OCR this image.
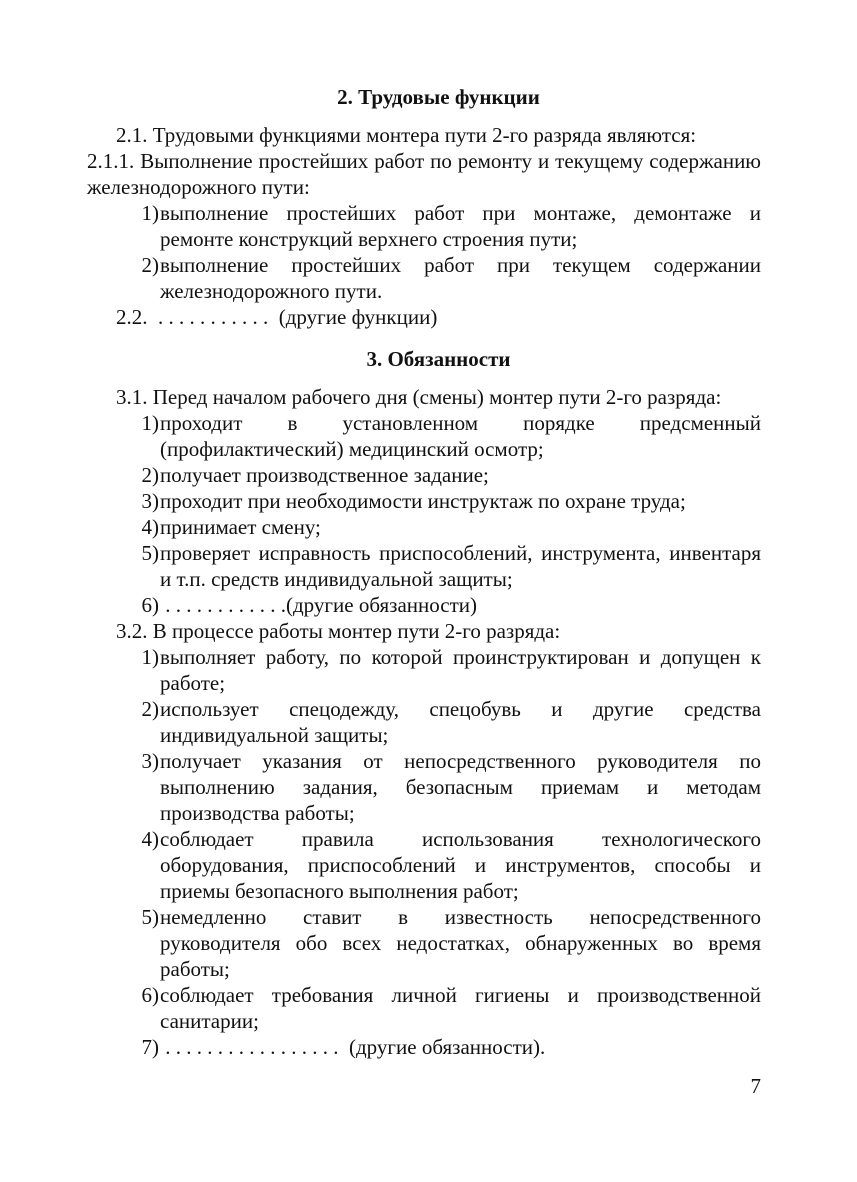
2. Трудовые функции

2.1. Трудовыми функциями монтера пути 2-го разряда являются:

2.1.1. Выполнение простейших работ по ремонту и текущему содержанию железнодорожного пути:

1) выполнение простейших работ при монтаже, демонтаже и ремонте конструкций верхнего строения пути;
2) выполнение простейших работ при текущем содержании железнодорожного пути.

2.2.  . . . . . . . . . . .  (другие функции)

3. Обязанности

3.1. Перед началом рабочего дня (смены) монтер пути 2-го разряда:

1) проходит в установленном порядке предсменный (профилактический) медицинский осмотр;
2) получает производственное задание;
3) проходит при необходимости инструктаж по охране труда;
4) принимает смену;
5) проверяет исправность приспособлений, инструмента, инвентаря и т.п. средств индивидуальной защиты;
6) . . . . . . . . . . . .(другие обязанности)

3.2. В процессе работы монтер пути 2-го разряда:

1) выполняет работу, по которой проинструктирован и допущен к работе;
2) использует спецодежду, спецобувь и другие средства индивидуальной защиты;
3) получает указания от непосредственного руководителя по выполнению задания, безопасным приемам и методам производства работы;
4) соблюдает правила использования технологического оборудования, приспособлений и инструментов, способы и приемы безопасного выполнения работ;
5) немедленно ставит в известность непосредственного руководителя обо всех недостатках, обнаруженных во время работы;
6) соблюдает требования личной гигиены и производственной санитарии;
7) . . . . . . . . . . . . . . . . .  (другие обязанности).
7
